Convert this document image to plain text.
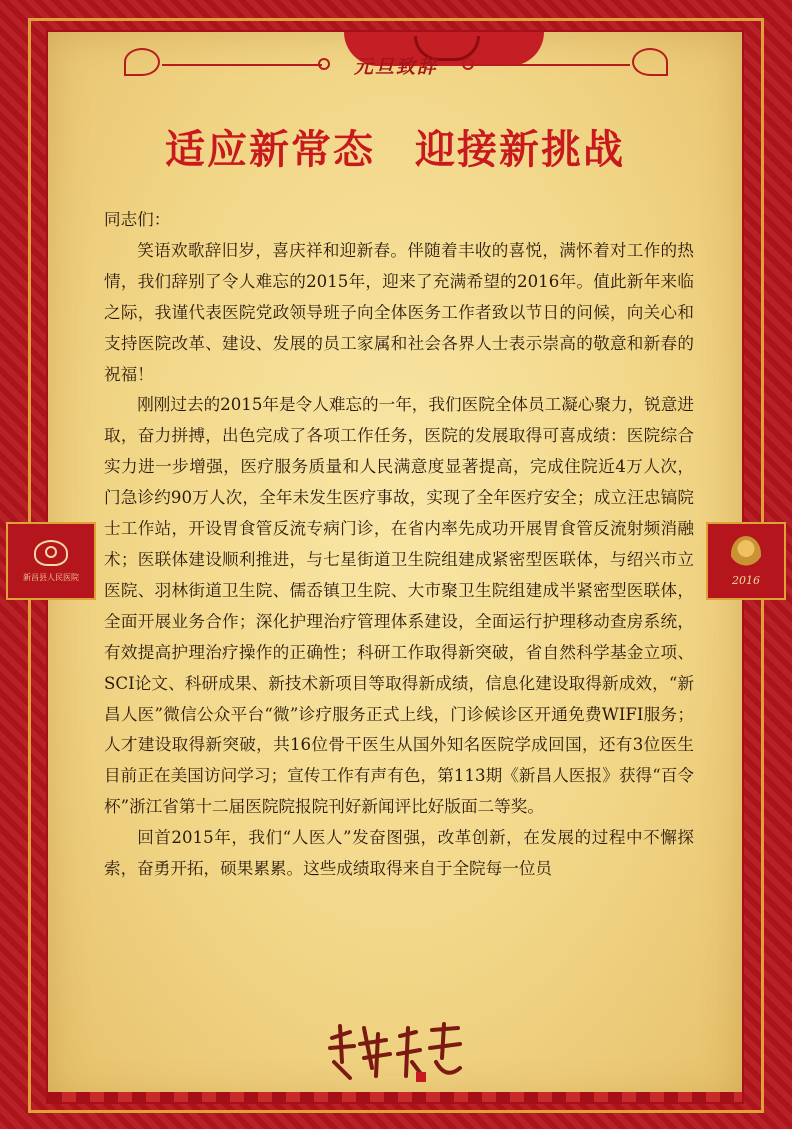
元旦致辞
适应新常态 迎接新挑战

同志们：

笑语欢歌辞旧岁，喜庆祥和迎新春。伴随着丰收的喜悦，满怀着对工作的热情，我们辞别了令人难忘的2015年，迎来了充满希望的2016年。值此新年来临之际，我谨代表医院党政领导班子向全体医务工作者致以节日的问候，向关心和支持医院改革、建设、发展的员工家属和社会各界人士表示崇高的敬意和新春的祝福！

刚刚过去的2015年是令人难忘的一年，我们医院全体员工凝心聚力，锐意进取，奋力拼搏，出色完成了各项工作任务，医院的发展取得可喜成绩：医院综合实力进一步增强，医疗服务质量和人民满意度显著提高，完成住院近4万人次，门急诊约90万人次，全年未发生医疗事故，实现了全年医疗安全；成立汪忠镐院士工作站，开设胃食管反流专病门诊，在省内率先成功开展胃食管反流射频消融术；医联体建设顺利推进，与七星街道卫生院组建成紧密型医联体，与绍兴市立医院、羽林街道卫生院、儒岙镇卫生院、大市聚卫生院组建成半紧密型医联体，全面开展业务合作；深化护理治疗管理体系建设，全面运行护理移动查房系统，有效提高护理治疗操作的正确性；科研工作取得新突破，省自然科学基金立项、SCI论文、科研成果、新技术新项目等取得新成绩，信息化建设取得新成效，“新昌人医”微信公众平台“微”诊疗服务正式上线，门诊候诊区开通免费WIFI服务；人才建设取得新突破，共16位骨干医生从国外知名医院学成回国，还有3位医生目前正在美国访问学习；宣传工作有声有色，第113期《新昌人医报》获得“百令杯”浙江省第十二届医院院报院刊好新闻评比好版面二等奖。

回首2015年，我们“人医人”发奋图强，改革创新，在发展的过程中不懈探索，奋勇开拓，硕果累累。这些成绩取得来自于全院每一位员

新昌县人民医院	2016
